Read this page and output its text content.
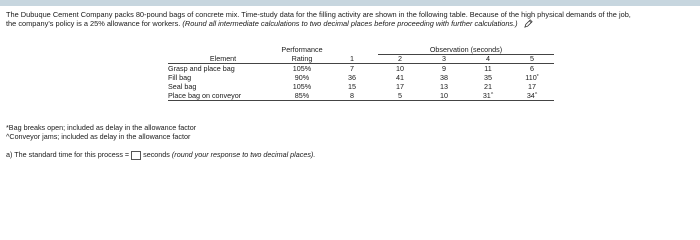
The Dubuque Cement Company packs 80-pound bags of concrete mix. Time-study data for the filling activity are shown in the following table. Because of the high physical demands of the job,
the company's policy is a 25% allowance for workers. (Round all intermediate calculations to two decimal places before proceeding with further calculations.)
	Performance		Observation (seconds)			
Element	Rating	1	2	3	4	5
Grasp and place bag	105%	7	10	9	11	6
Fill bag	90%	36	41	38	35	110*
Seal bag	105%	15	17	13	21	17
Place bag on conveyor	85%	8	5	10	31^	34^
*Bag breaks open; included as delay in the allowance factor
^Conveyor jams; included as delay in the allowance factor
a) The standard time for this process = seconds
(round your response to two decimal places).
